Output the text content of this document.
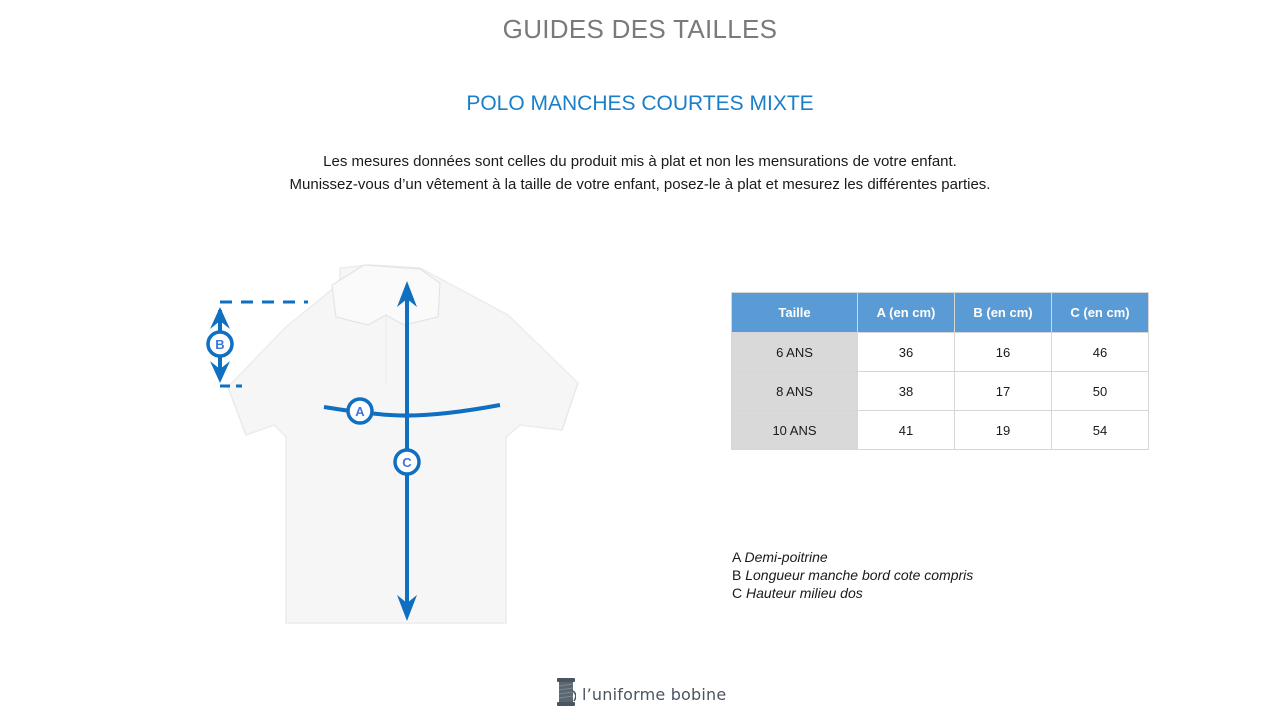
GUIDES DES TAILLES
POLO MANCHES COURTES MIXTE
Les mesures données sont celles du produit mis à plat et non les mensurations de votre enfant.
Munissez-vous d’un vêtement à la taille de votre enfant, posez-le à plat et mesurez les différentes parties.
B
A
C
Taille	A (en cm)	B (en cm)	C (en cm)
6 ANS	36	16	46
8 ANS	38	17	50
10 ANS	41	19	54
A Demi-poitrine
B Longueur manche bord cote compris
C Hauteur milieu dos
l’uniforme bobine
